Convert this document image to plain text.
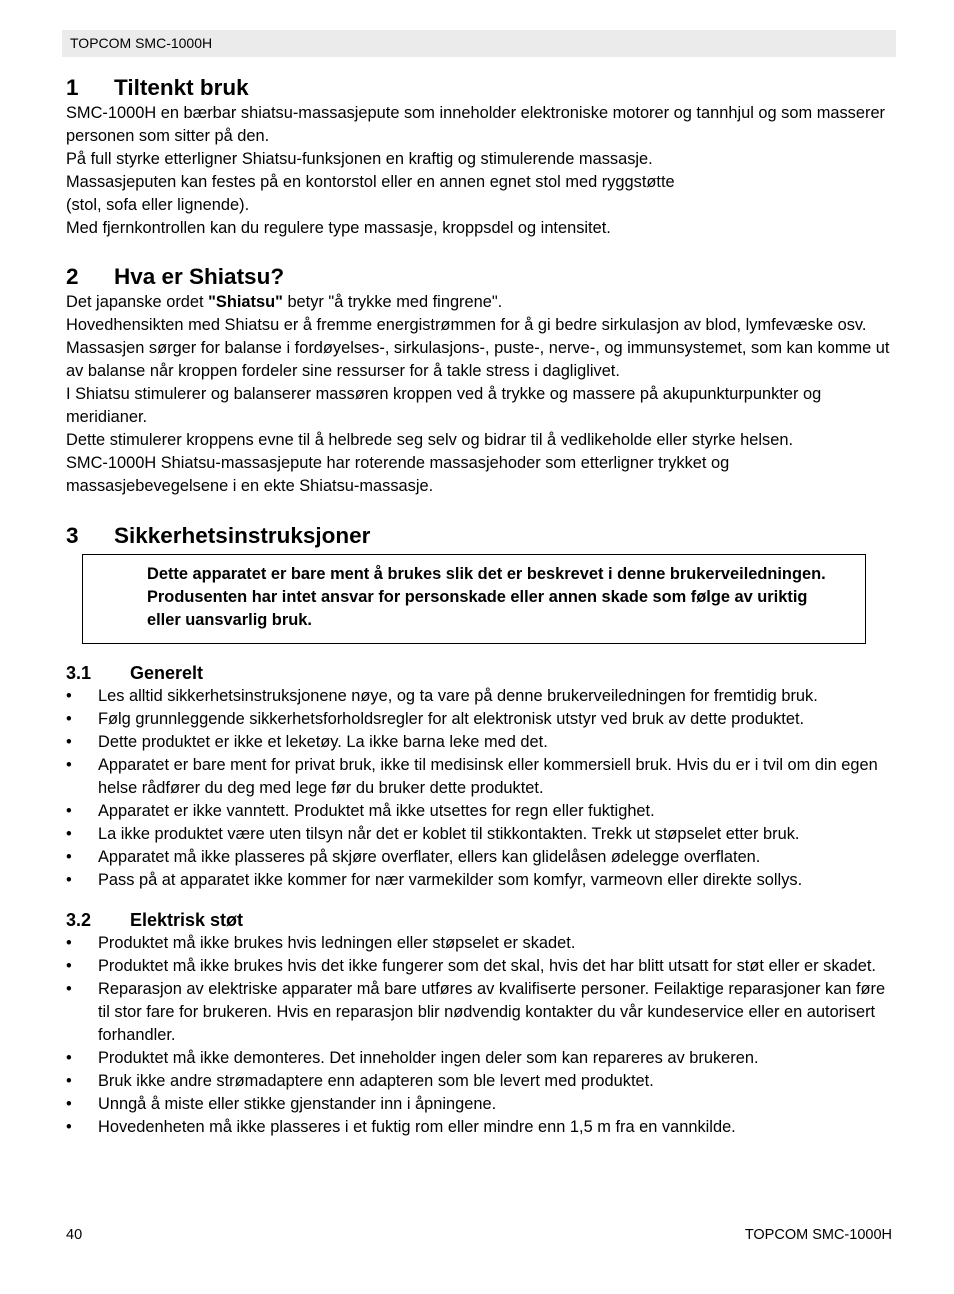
TOPCOM SMC-1000H
1 Tiltenkt bruk

SMC-1000H en bærbar shiatsu-massasjepute som inneholder elektroniske motorer og tannhjul og som masserer personen som sitter på den.

På full styrke etterligner Shiatsu-funksjonen en kraftig og stimulerende massasje.

Massasjeputen kan festes på en kontorstol eller en annen egnet stol med ryggstøtte

(stol, sofa eller lignende).

Med fjernkontrollen kan du regulere type massasje, kroppsdel og intensitet.

2 Hva er Shiatsu?

Det japanske ordet "Shiatsu" betyr "å trykke med fingrene".

Hovedhensikten med Shiatsu er å fremme energistrømmen for å gi bedre sirkulasjon av blod, lymfevæske osv. Massasjen sørger for balanse i fordøyelses-, sirkulasjons-, puste-, nerve-, og immunsystemet, som kan komme ut av balanse når kroppen fordeler sine ressurser for å takle stress i dagliglivet.

I Shiatsu stimulerer og balanserer massøren kroppen ved å trykke og massere på akupunkturpunkter og meridianer.

Dette stimulerer kroppens evne til å helbrede seg selv og bidrar til å vedlikeholde eller styrke helsen.

SMC-1000H Shiatsu-massasjepute har roterende massasjehoder som etterligner trykket og massasjebevegelsene i en ekte Shiatsu-massasje.

3 Sikkerhetsinstruksjoner
Dette apparatet er bare ment å brukes slik det er beskrevet i denne brukerveiledningen. Produsenten har intet ansvar for personskade eller annen skade som følge av uriktig eller uansvarlig bruk.
3.1 Generelt
• Les alltid sikkerhetsinstruksjonene nøye, og ta vare på denne brukerveiledningen for fremtidig bruk.
• Følg grunnleggende sikkerhetsforholdsregler for alt elektronisk utstyr ved bruk av dette produktet.
• Dette produktet er ikke et leketøy. La ikke barna leke med det.
• Apparatet er bare ment for privat bruk, ikke til medisinsk eller kommersiell bruk. Hvis du er i tvil om din egen helse rådfører du deg med lege før du bruker dette produktet.
• Apparatet er ikke vanntett. Produktet må ikke utsettes for regn eller fuktighet.
• La ikke produktet være uten tilsyn når det er koblet til stikkontakten. Trekk ut støpselet etter bruk.
• Apparatet må ikke plasseres på skjøre overflater, ellers kan glidelåsen ødelegge overflaten.
• Pass på at apparatet ikke kommer for nær varmekilder som komfyr, varmeovn eller direkte sollys.
3.2 Elektrisk støt
• Produktet må ikke brukes hvis ledningen eller støpselet er skadet.
• Produktet må ikke brukes hvis det ikke fungerer som det skal, hvis det har blitt utsatt for støt eller er skadet.
• Reparasjon av elektriske apparater må bare utføres av kvalifiserte personer. Feilaktige reparasjoner kan føre til stor fare for brukeren. Hvis en reparasjon blir nødvendig kontakter du vår kundeservice eller en autorisert forhandler.
• Produktet må ikke demonteres. Det inneholder ingen deler som kan repareres av brukeren.
• Bruk ikke andre strømadaptere enn adapteren som ble levert med produktet.
• Unngå å miste eller stikke gjenstander inn i åpningene.
• Hovedenheten må ikke plasseres i et fuktig rom eller mindre enn 1,5 m fra en vannkilde.
40	TOPCOM SMC-1000H
